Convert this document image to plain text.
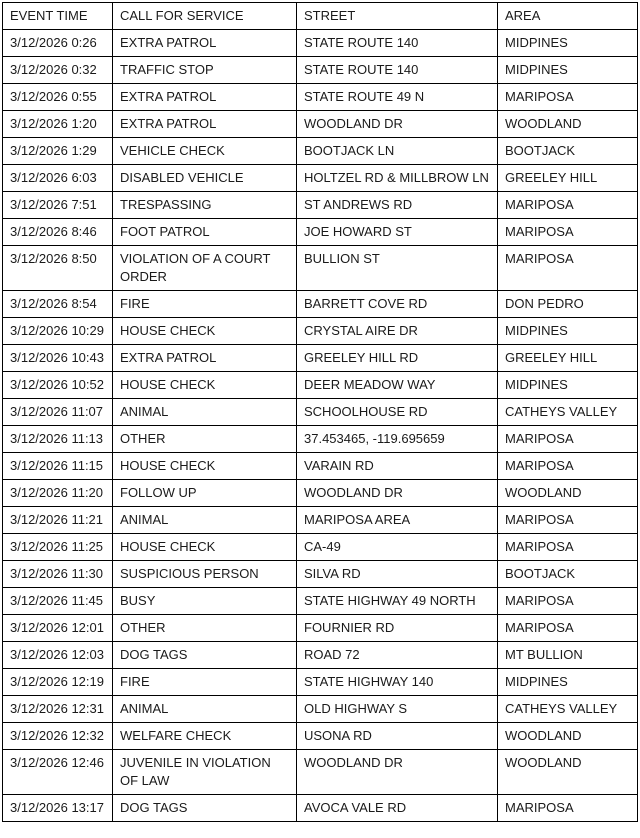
EVENT TIME	CALL FOR SERVICE	STREET	AREA
3/12/2026 0:26	EXTRA PATROL	STATE ROUTE 140	MIDPINES
3/12/2026 0:32	TRAFFIC STOP	STATE ROUTE 140	MIDPINES
3/12/2026 0:55	EXTRA PATROL	STATE ROUTE 49 N	MARIPOSA
3/12/2026 1:20	EXTRA PATROL	WOODLAND DR	WOODLAND
3/12/2026 1:29	VEHICLE CHECK	BOOTJACK LN	BOOTJACK
3/12/2026 6:03	DISABLED VEHICLE	HOLTZEL RD & MILLBROW LN	GREELEY HILL
3/12/2026 7:51	TRESPASSING	ST ANDREWS RD	MARIPOSA
3/12/2026 8:46	FOOT PATROL	JOE HOWARD ST	MARIPOSA
3/12/2026 8:50	VIOLATION OF A COURT ORDER	BULLION ST	MARIPOSA
3/12/2026 8:54	FIRE	BARRETT COVE RD	DON PEDRO
3/12/2026 10:29	HOUSE CHECK	CRYSTAL AIRE DR	MIDPINES
3/12/2026 10:43	EXTRA PATROL	GREELEY HILL RD	GREELEY HILL
3/12/2026 10:52	HOUSE CHECK	DEER MEADOW WAY	MIDPINES
3/12/2026 11:07	ANIMAL	SCHOOLHOUSE RD	CATHEYS VALLEY
3/12/2026 11:13	OTHER	37.453465, -119.695659	MARIPOSA
3/12/2026 11:15	HOUSE CHECK	VARAIN RD	MARIPOSA
3/12/2026 11:20	FOLLOW UP	WOODLAND DR	WOODLAND
3/12/2026 11:21	ANIMAL	MARIPOSA AREA	MARIPOSA
3/12/2026 11:25	HOUSE CHECK	CA-49	MARIPOSA
3/12/2026 11:30	SUSPICIOUS PERSON	SILVA RD	BOOTJACK
3/12/2026 11:45	BUSY	STATE HIGHWAY 49 NORTH	MARIPOSA
3/12/2026 12:01	OTHER	FOURNIER RD	MARIPOSA
3/12/2026 12:03	DOG TAGS	ROAD 72	MT BULLION
3/12/2026 12:19	FIRE	STATE HIGHWAY 140	MIDPINES
3/12/2026 12:31	ANIMAL	OLD HIGHWAY S	CATHEYS VALLEY
3/12/2026 12:32	WELFARE CHECK	USONA RD	WOODLAND
3/12/2026 12:46	JUVENILE IN VIOLATION OF LAW	WOODLAND DR	WOODLAND
3/12/2026 13:17	DOG TAGS	AVOCA VALE RD	MARIPOSA
